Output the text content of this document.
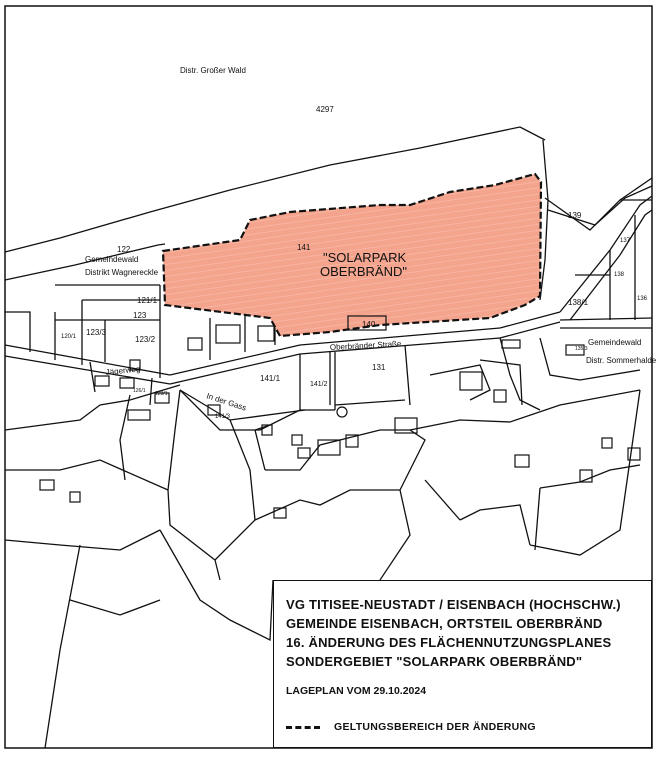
4297
122	141
139
121/1
123
123/3
120/1	123/2
140
141/1
141/2
131
141/3
138/1
138
136
137
135/3
126/1 123/1
Distr. Großer Wald
Gemeindewald
Distrikt Wagnereckle
Gemeindewald
Distr. Sommerhalde
Oberbränder Straße
Jägerweg
In der Gass
"SOLARPARK
OBERBRÄND"
VG TITISEE-NEUSTADT / EISENBACH (HOCHSCHW.)
GEMEINDE EISENBACH, ORTSTEIL OBERBRÄND
16. ÄNDERUNG DES FLÄCHENNUTZUNGSPLANES
SONDERGEBIET "SOLARPARK OBERBRÄND"
LAGEPLAN VOM 29.10.2024
GELTUNGSBEREICH DER ÄNDERUNG
